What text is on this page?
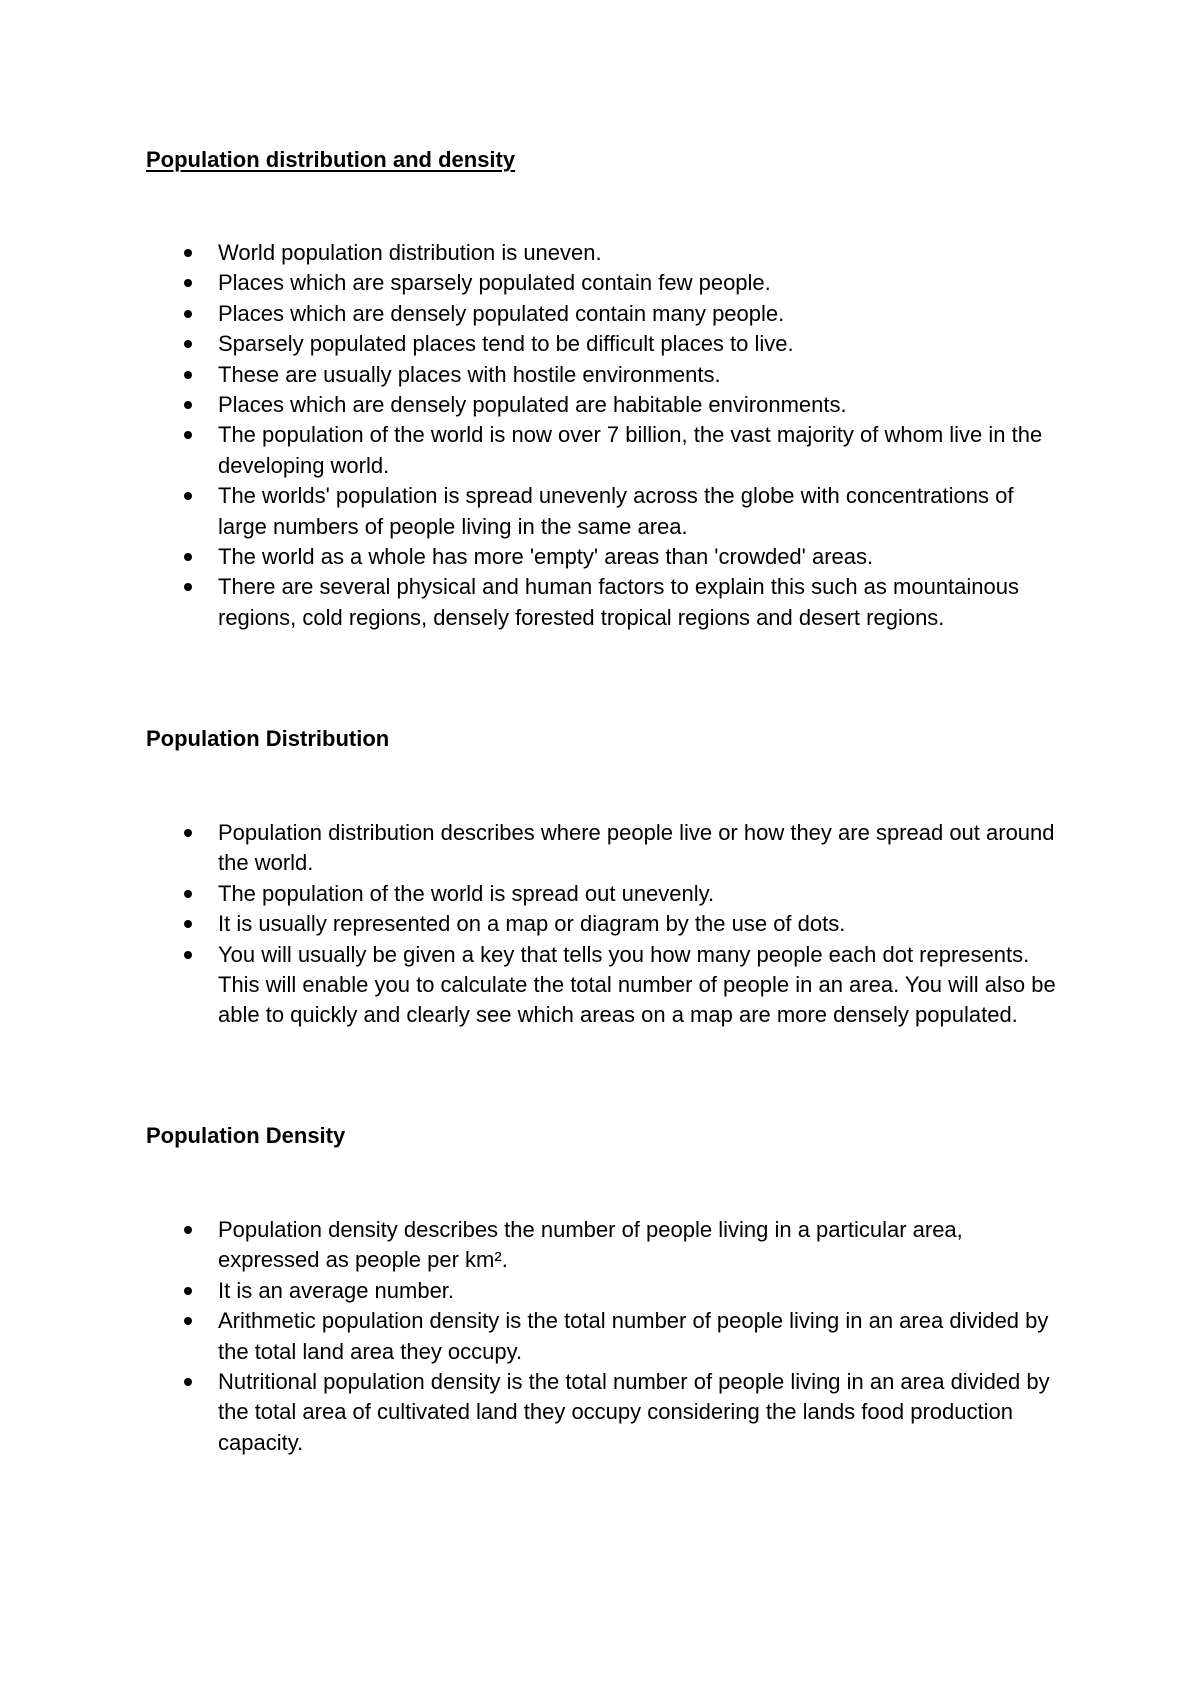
Population distribution and density
World population distribution is uneven.
Places which are sparsely populated contain few people.
Places which are densely populated contain many people.
Sparsely populated places tend to be difficult places to live.
These are usually places with hostile environments.
Places which are densely populated are habitable environments.
The population of the world is now over 7 billion, the vast majority of whom live in the developing world.
The worlds' population is spread unevenly across the globe with concentrations of large numbers of people living in the same area.
The world as a whole has more 'empty' areas than 'crowded' areas.
There are several physical and human factors to explain this such as mountainous regions, cold regions, densely forested tropical regions and desert regions.
Population Distribution
Population distribution describes where people live or how they are spread out around the world.
The population of the world is spread out unevenly.
It is usually represented on a map or diagram by the use of dots.
You will usually be given a key that tells you how many people each dot represents. This will enable you to calculate the total number of people in an area. You will also be able to quickly and clearly see which areas on a map are more densely populated.
Population Density
Population density describes the number of people living in a particular area, expressed as people per km².
It is an average number.
Arithmetic population density is the total number of people living in an area divided by the total land area they occupy.
Nutritional population density is the total number of people living in an area divided by the total area of cultivated land they occupy considering the lands food production capacity.
